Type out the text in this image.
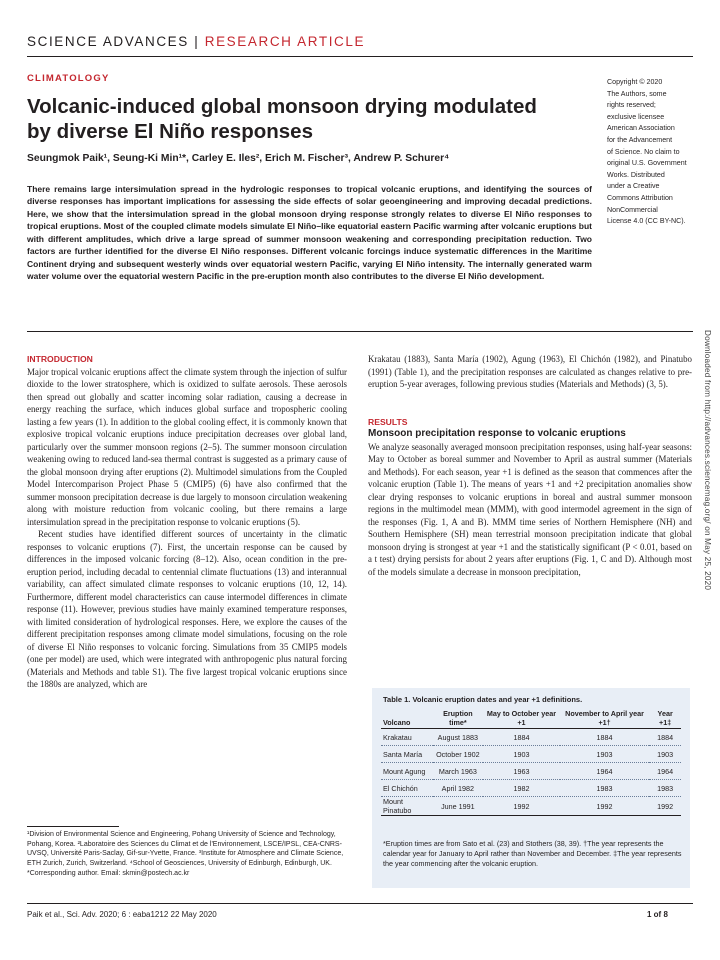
SCIENCE ADVANCES | RESEARCH ARTICLE
CLIMATOLOGY
Volcanic-induced global monsoon drying modulated
by diverse El Niño responses
Seungmok Paik¹, Seung-Ki Min¹*, Carley E. Iles², Erich M. Fischer³, Andrew P. Schurer⁴
Copyright © 2020
The Authors, some
rights reserved;
exclusive licensee
American Association
for the Advancement
of Science. No claim to
original U.S. Government
Works. Distributed
under a Creative
Commons Attribution
NonCommercial
License 4.0 (CC BY-NC).
There remains large intersimulation spread in the hydrologic responses to tropical volcanic eruptions, and identifying the sources of diverse responses has important implications for assessing the side effects of solar geoengineering and improving decadal predictions. Here, we show that the intersimulation spread in the global monsoon drying response strongly relates to diverse El Niño responses to tropical eruptions. Most of the coupled climate models simulate El Niño–like equatorial eastern Pacific warming after volcanic eruptions but with different amplitudes, which drive a large spread of summer monsoon weakening and corresponding precipitation reduction. Two factors are further identified for the diverse El Niño responses. Different volcanic forcings induce systematic differences in the Maritime Continent drying and subsequent westerly winds over equatorial western Pacific, varying El Niño intensity. The internally generated warm water volume over the equatorial western Pacific in the pre-eruption month also contributes to the diverse El Niño development.
INTRODUCTION

Major tropical volcanic eruptions affect the climate system through the injection of sulfur dioxide to the lower stratosphere, which is oxidized to sulfate aerosols. These aerosols then spread out globally and scatter incoming solar radiation, causing a decrease in energy reaching the surface, which induces global surface and tropospheric cooling lasting a few years (1). In addition to the global cooling effect, it is commonly known that explosive tropical volcanic eruptions induce precipitation decreases over global land, particularly over the summer monsoon regions (2–5). The summer monsoon circulation weakening owing to reduced land-sea thermal contrast is suggested as a primary cause of the global monsoon drying after eruptions (2). Multimodel simulations from the Coupled Model Intercomparison Project Phase 5 (CMIP5) (6) have also confirmed that the summer monsoon precipitation decrease is due largely to monsoon circulation weakening along with moisture reduction from volcanic cooling, but there remains a large intersimulation spread in the precipitation response to volcanic eruptions (5).

Recent studies have identified different sources of uncertainty in the climatic responses to volcanic eruptions (7). First, the uncertain response can be caused by differences in the imposed volcanic forcing (8–12). Also, ocean condition in the pre-eruption period, including decadal to centennial climate fluctuations (13) and interannual variability, can affect simulated climate responses to volcanic eruptions (10, 12, 14). Furthermore, different model characteristics can cause intermodel differences in climate response (11). However, previous studies have mainly examined temperature responses, with limited consideration of hydrological responses. Here, we explore the causes of the different precipitation responses among climate model simulations, focusing on the role of diverse El Niño responses to volcanic forcing. Simulations from 35 CMIP5 models (one per model) are used, which were integrated with anthropogenic plus natural forcing (Materials and Methods and table S1). The five largest tropical volcanic eruptions since the 1880s are analyzed, which are

Krakatau (1883), Santa María (1902), Agung (1963), El Chichón (1982), and Pinatubo (1991) (Table 1), and the precipitation responses are calculated as changes relative to pre-eruption 5-year averages, following previous studies (Materials and Methods) (3, 5).

RESULTS
Monsoon precipitation response to volcanic eruptions

We analyze seasonally averaged monsoon precipitation responses, using half-year seasons: May to October as boreal summer and November to April as austral summer (Materials and Methods). For each season, year +1 is defined as the season that commences after the volcanic eruption (Table 1). The means of years +1 and +2 precipitation anomalies show clear drying responses to volcanic eruptions in boreal and austral summer monsoon regions in the multimodel mean (MMM), with good intermodel agreement in the sign of the responses (Fig. 1, A and B). MMM time series of Northern Hemisphere (NH) and Southern Hemisphere (SH) mean terrestrial monsoon precipitation indicate that global monsoon drying is strongest at year +1 and the statistically significant (P < 0.01, based on a t test) drying persists for about 2 years after eruptions (Fig. 1, C and D). Although most of the models simulate a decrease in monsoon precipitation,

Table 1. Volcanic eruption dates and year +1 definitions.
Volcano	Eruption time*	May to October year +1	November to April year +1†	Year +1‡
Krakatau	August 1883	1884	1884	1884
Santa María	October 1902	1903	1903	1903
Mount Agung	March 1963	1963	1964	1964
El Chichón	April 1982	1982	1983	1983
Mount Pinatubo	June 1991	1992	1992	1992
*Eruption times are from Sato et al. (23) and Stothers (38, 39). †The year represents the calendar year for January to April rather than November and December. ‡The year represents the year commencing after the volcanic eruption.
¹Division of Environmental Science and Engineering, Pohang University of Science and Technology, Pohang, Korea. ²Laboratoire des Sciences du Climat et de l'Environnement, LSCE/IPSL, CEA-CNRS-UVSQ, Université Paris-Saclay, Gif-sur-Yvette, France. ³Institute for Atmosphere and Climate Science, ETH Zurich, Zurich, Switzerland. ⁴School of Geosciences, University of Edinburgh, Edinburgh, UK.
*Corresponding author. Email: skmin@postech.ac.kr
Paik et al., Sci. Adv. 2020; 6 : eaba1212 22 May 2020	1 of 8
Downloaded from http://advances.sciencemag.org/ on May 25, 2020
